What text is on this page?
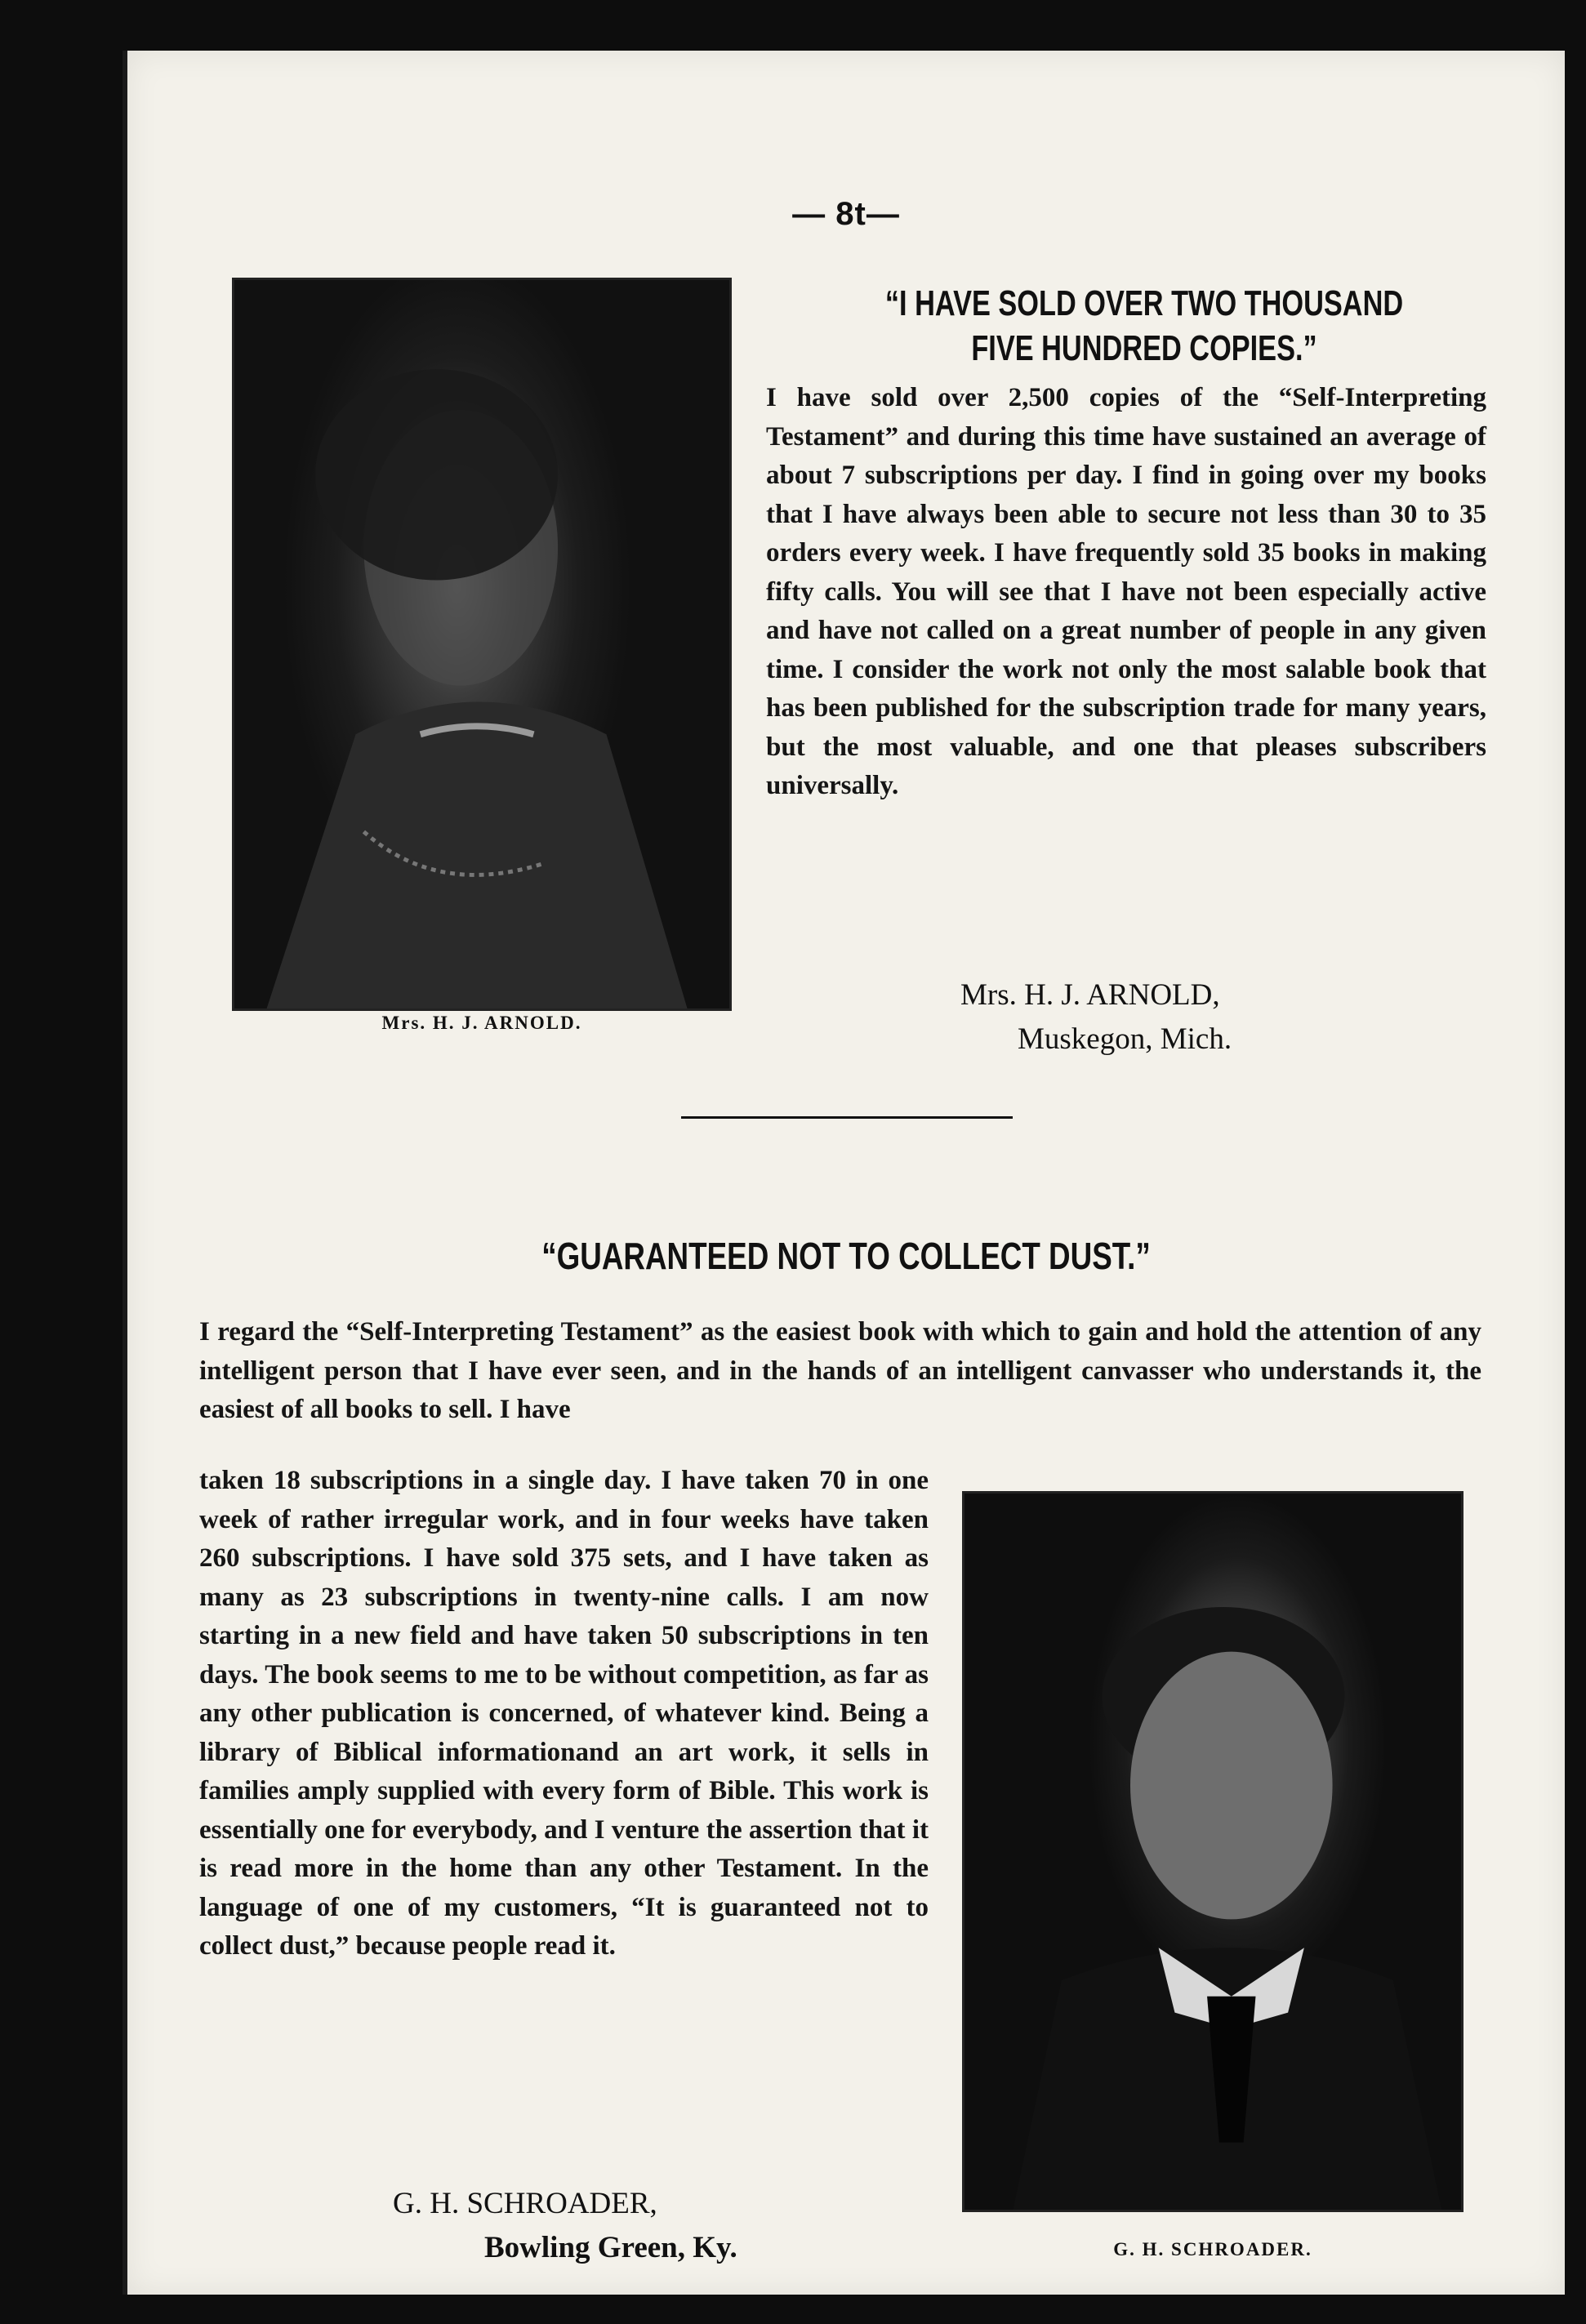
— 8t—
Mrs. H. J. ARNOLD.
“I HAVE SOLD OVER TWO THOUSAND FIVE HUNDRED COPIES.”
I have sold over 2,500 copies of the “Self-Interpreting Testament” and during this time have sustained an average of about 7 subscriptions per day. I find in going over my books that I have always been able to secure not less than 30 to 35 orders every week. I have frequently sold 35 books in making fifty calls. You will see that I have not been especially active and have not called on a great number of people in any given time. I consider the work not only the most salable book that has been published for the subscription trade for many years, but the most valuable, and one that pleases subscribers universally.
Mrs. H. J. ARNOLD,
Muskegon, Mich.
“GUARANTEED NOT TO COLLECT DUST.”
I regard the “Self-Interpreting Testament” as the easiest book with which to gain and hold the attention of any intelligent person that I have ever seen, and in the hands of an intelligent canvasser who understands it, the easiest of all books to sell. I have
taken 18 subscriptions in a single day. I have taken 70 in one week of rather irregular work, and in four weeks have taken 260 subscriptions. I have sold 375 sets, and I have taken as many as 23 subscriptions in twenty-nine calls. I am now starting in a new field and have taken 50 subscriptions in ten days. The book seems to me to be without competition, as far as any other publication is concerned, of whatever kind. Being a library of Biblical informationand an art work, it sells in families amply supplied with every form of Bible. This work is essentially one for everybody, and I venture the assertion that it is read more in the home than any other Testament. In the language of one of my customers, “It is guaranteed not to collect dust,” because people read it.
G. H. SCHROADER,
Bowling Green, Ky.	G. H. SCHROADER.
